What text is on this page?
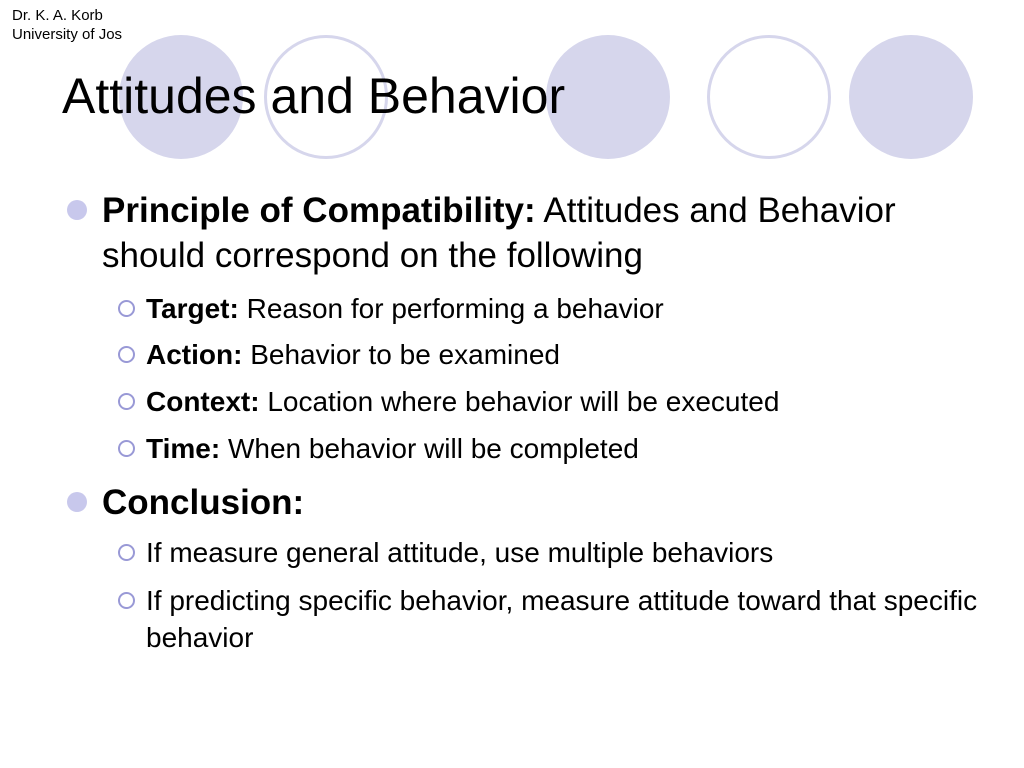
Dr. K. A. Korb
University of Jos
Attitudes and Behavior
Principle of Compatibility: Attitudes and Behavior should correspond on the following
Target: Reason for performing a behavior
Action: Behavior to be examined
Context: Location where behavior will be executed
Time: When behavior will be completed
Conclusion:
If measure general attitude, use multiple behaviors
If predicting specific behavior, measure attitude toward that specific behavior
